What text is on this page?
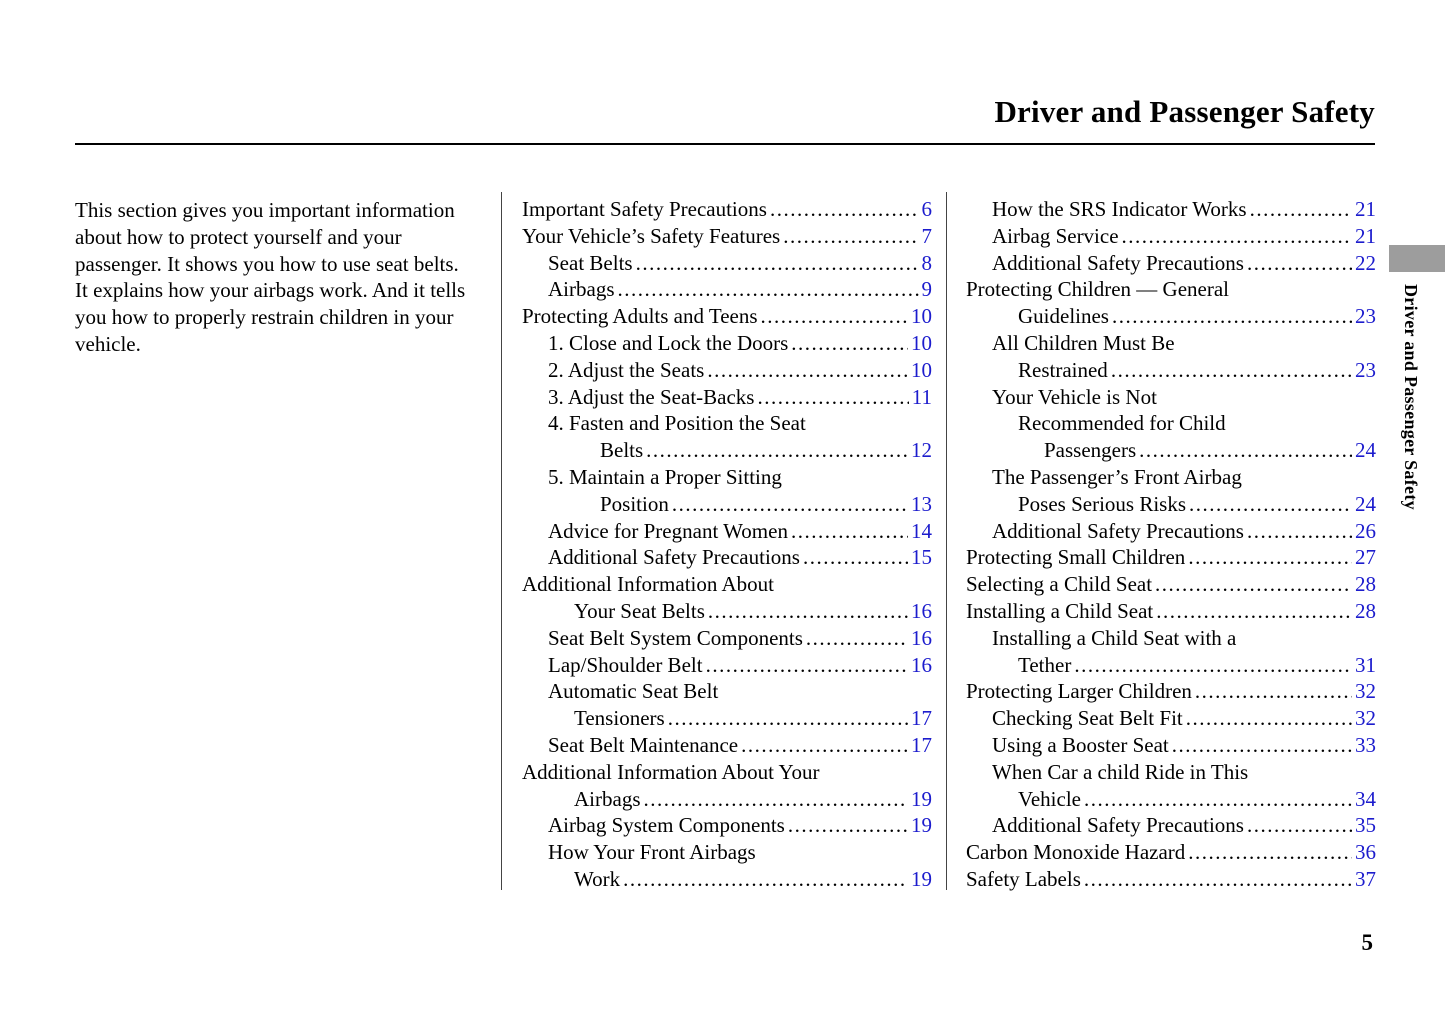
Driver and Passenger Safety
This section gives you important information about how to protect yourself and your passenger. It shows you how to use seat belts. It explains how your airbags work. And it tells you how to properly restrain children in your vehicle.
Important Safety Precautions .....	6
Your Vehicle’s Safety Features .....	7
Seat Belts .....	8
Airbags .....	9
Protecting Adults and Teens .....	10
1. Close and Lock the Doors .....	10
2. Adjust the Seats .....	10
3. Adjust the Seat-Backs .....	11
4. Fasten and Position the Seat
Belts .....	12
5. Maintain a Proper Sitting
Position .....	13
Advice for Pregnant Women .....	14
Additional Safety Precautions .....	15
Additional Information About
Your Seat Belts .....	16
Seat Belt System Components .....	16
Lap/Shoulder Belt .....	16
Automatic Seat Belt
Tensioners .....	17
Seat Belt Maintenance .....	17
Additional Information About Your
Airbags .....	19
Airbag System Components .....	19
How Your Front Airbags
Work .....	19
How the SRS Indicator Works .....	21
Airbag Service .....	21
Additional Safety Precautions .....	22
Protecting Children — General
Guidelines .....	23
All Children Must Be
Restrained .....	23
Your Vehicle is Not
Recommended for Child
Passengers .....	24
The Passenger’s Front Airbag
Poses Serious Risks .....	24
Additional Safety Precautions .....	26
Protecting Small Children .....	27
Selecting a Child Seat .....	28
Installing a Child Seat .....	28
Installing a Child Seat with a
Tether .....	31
Protecting Larger Children .....	32
Checking Seat Belt Fit .....	32
Using a Booster Seat .....	33
When Car a child Ride in This
Vehicle .....	34
Additional Safety Precautions .....	35
Carbon Monoxide Hazard .....	36
Safety Labels .....	37
Driver and Passenger Safety
5
